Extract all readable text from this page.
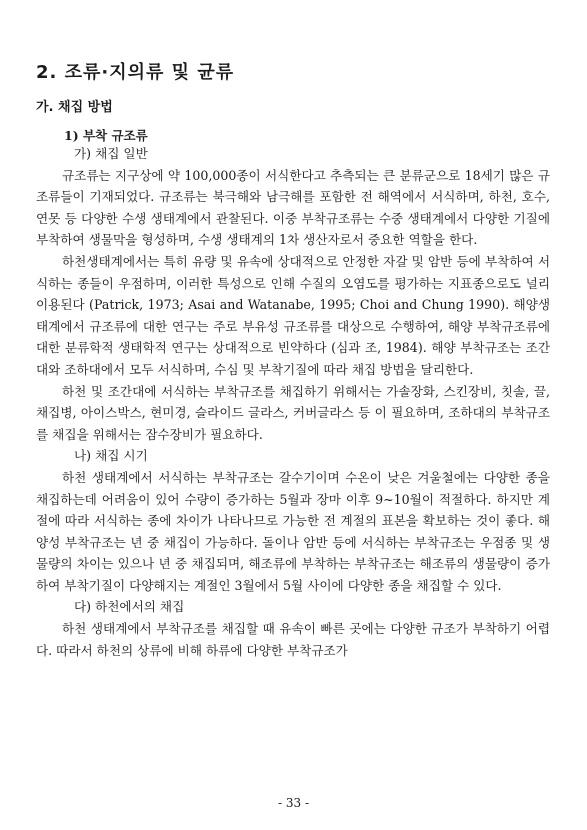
2. 조류·지의류 및 균류
가. 채집 방법
1) 부착 규조류

가) 채집 일반

규조류는 지구상에 약 100,000종이 서식한다고 추측되는 큰 분류군으로 18세기 많은 규조류들이 기재되었다. 규조류는 북극해와 남극해를 포함한 전 해역에서 서식하며, 하천, 호수, 연못 등 다양한 수생 생태계에서 관찰된다. 이중 부착규조류는 수중 생태계에서 다양한 기질에 부착하여 생물막을 형성하며, 수생 생태계의 1차 생산자로서 중요한 역할을 한다.

하천생태계에서는 특히 유량 및 유속에 상대적으로 안정한 자갈 및 암반 등에 부착하여 서식하는 종들이 우점하며, 이러한 특성으로 인해 수질의 오염도를 평가하는 지표종으로도 널리 이용된다 (Patrick, 1973; Asai and Watanabe, 1995; Choi and Chung 1990). 해양생태계에서 규조류에 대한 연구는 주로 부유성 규조류를 대상으로 수행하여, 해양 부착규조류에 대한 분류학적 생태학적 연구는 상대적으로 빈약하다 (심과 조, 1984). 해양 부착규조는 조간대와 조하대에서 모두 서식하며, 수심 및 부착기질에 따라 채집 방법을 달리한다.

하천 및 조간대에 서식하는 부착규조를 채집하기 위해서는 가솔장화, 스킨장비, 칫솔, 끌, 채집병, 아이스박스, 현미경, 슬라이드 글라스, 커버글라스 등 이 필요하며, 조하대의 부착규조를 채집을 위해서는 잠수장비가 필요하다.

나) 채집 시기

하천 생태계에서 서식하는 부착규조는 갈수기이며 수온이 낮은 겨울철에는 다양한 종을 채집하는데 어려움이 있어 수량이 증가하는 5월과 장마 이후 9~10월이 적절하다. 하지만 계절에 따라 서식하는 종에 차이가 나타나므로 가능한 전 계절의 표본을 확보하는 것이 좋다. 해양성 부착규조는 년 중 채집이 가능하다. 돌이나 암반 등에 서식하는 부착규조는 우점종 및 생물량의 차이는 있으나 년 중 채집되며, 해조류에 부착하는 부착규조는 해조류의 생물량이 증가하여 부착기질이 다양해지는 계절인 3월에서 5월 사이에 다양한 종을 채집할 수 있다.

다) 하천에서의 채집

하천 생태계에서 부착규조를 채집할 때 유속이 빠른 곳에는 다양한 규조가 부착하기 어렵다. 따라서 하천의 상류에 비해 하류에 다양한 부착규조가

- 33 -
